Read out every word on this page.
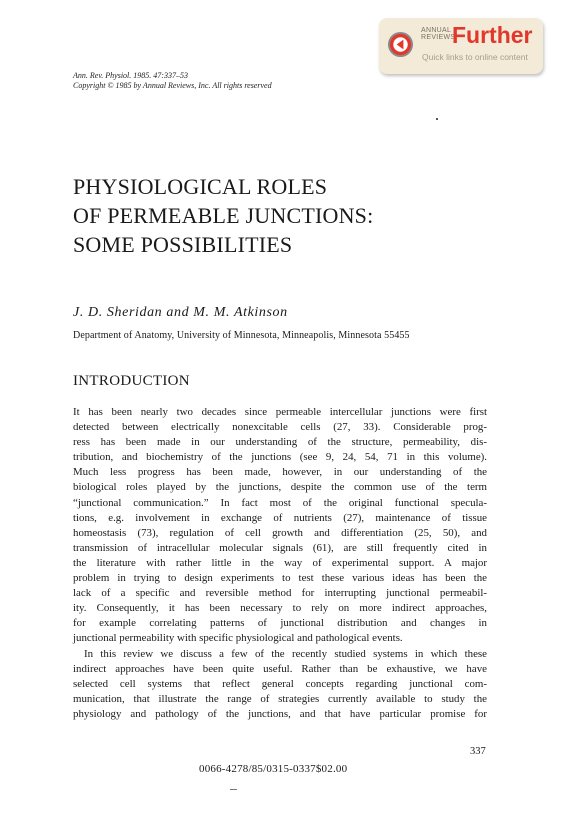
ANNUAL
REVIEWS
Further
Quick links to online content
Ann. Rev. Physiol. 1985. 47:337–53
Copyright © 1985 by Annual Reviews, Inc. All rights reserved
PHYSIOLOGICAL ROLES
OF PERMEABLE JUNCTIONS:
SOME POSSIBILITIES
J. D. Sheridan and M. M. Atkinson
Department of Anatomy, University of Minnesota, Minneapolis, Minnesota 55455
INTRODUCTION
It has been nearly two decades since permeable intercellular junctions were first
detected between electrically nonexcitable cells (27, 33). Considerable prog-
ress has been made in our understanding of the structure, permeability, dis-
tribution, and biochemistry of the junctions (see 9, 24, 54, 71 in this volume).
Much less progress has been made, however, in our understanding of the
biological roles played by the junctions, despite the common use of the term
“junctional communication.” In fact most of the original functional specula-
tions, e.g. involvement in exchange of nutrients (27), maintenance of tissue
homeostasis (73), regulation of cell growth and differentiation (25, 50), and
transmission of intracellular molecular signals (61), are still frequently cited in
the literature with rather little in the way of experimental support. A major
problem in trying to design experiments to test these various ideas has been the
lack of a specific and reversible method for interrupting junctional permeabil-
ity. Consequently, it has been necessary to rely on more indirect approaches,
for example correlating patterns of junctional distribution and changes in
junctional permeability with specific physiological and pathological events.
In this review we discuss a few of the recently studied systems in which these
indirect approaches have been quite useful. Rather than be exhaustive, we have
selected cell systems that reflect general concepts regarding junctional com-
munication, that illustrate the range of strategies currently available to study the
physiology and pathology of the junctions, and that have particular promise for
337
0066-4278/85/0315-0337$02.00
